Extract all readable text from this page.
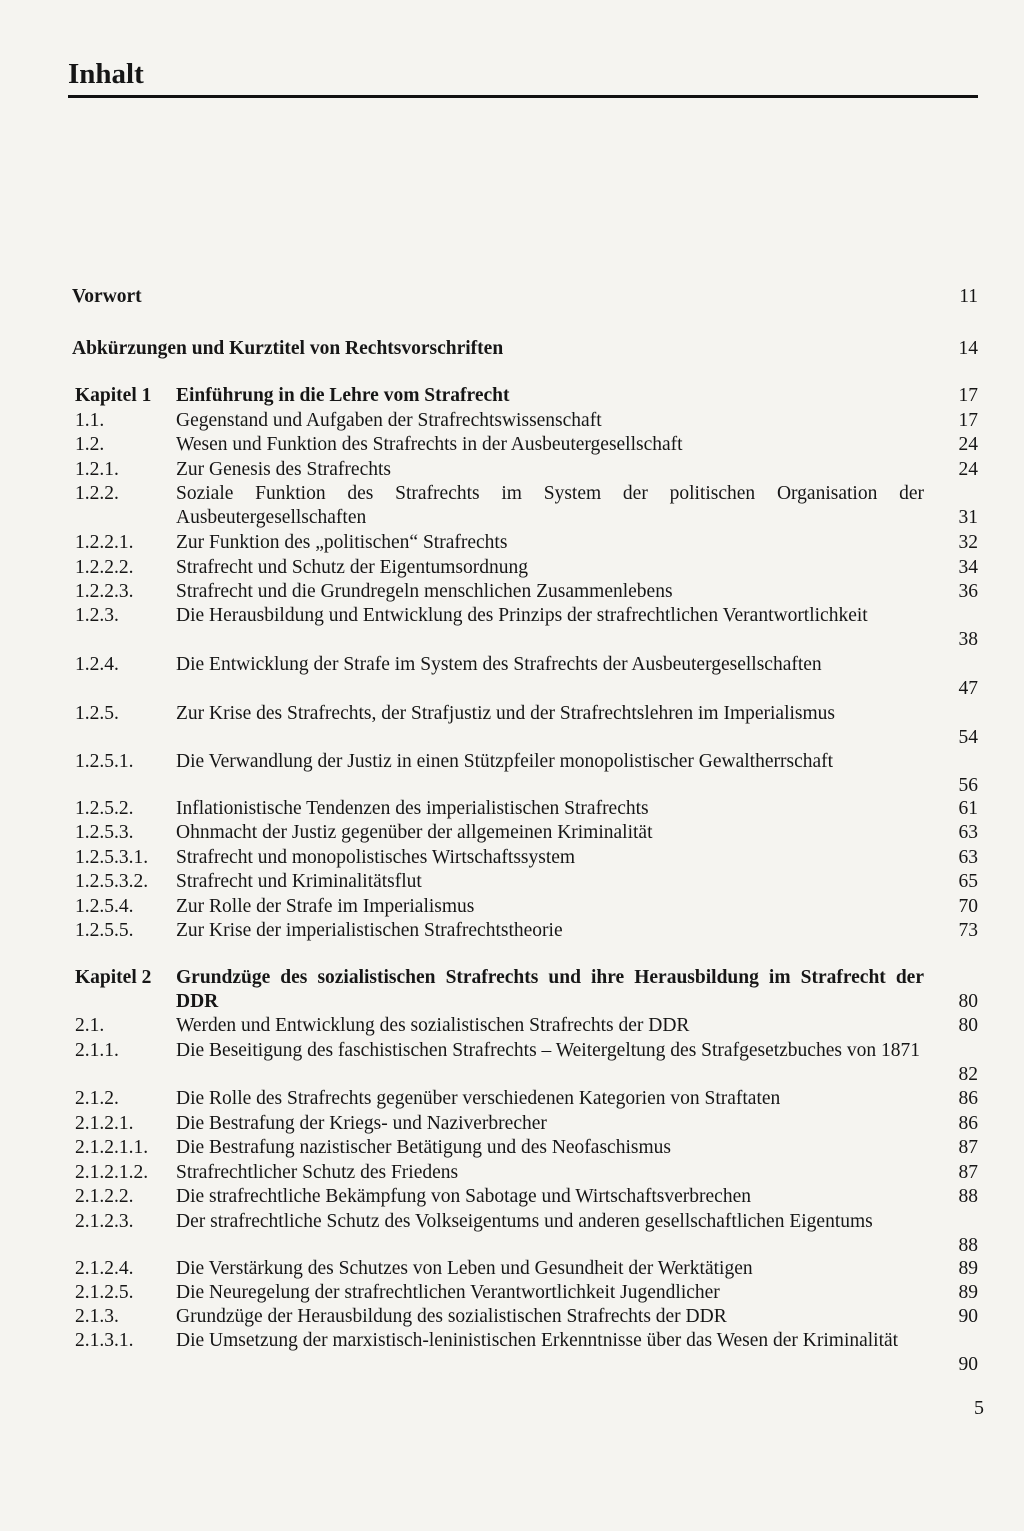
Inhalt
Vorwort	11
Abkürzungen und Kurztitel von Rechtsvorschriften	14
Kapitel 1 Einführung in die Lehre vom Strafrecht	17
1.1.	Gegenstand und Aufgaben der Strafrechtswissenschaft	17
1.2.	Wesen und Funktion des Strafrechts in der Ausbeutergesellschaft	24
1.2.1.	Zur Genesis des Strafrechts	24
1.2.2.	Soziale Funktion des Strafrechts im System der politischen Organisation der Ausbeutergesellschaften	31
1.2.2.1. Zur Funktion des „politischen“ Strafrechts	32
1.2.2.2. Strafrecht und Schutz der Eigentumsordnung	34
1.2.2.3. Strafrecht und die Grundregeln menschlichen Zusammenlebens	36
1.2.3.	Die Herausbildung und Entwicklung des Prinzips der strafrechtlichen Verantwortlichkeit
38
1.2.4.	Die Entwicklung der Strafe im System des Strafrechts der Ausbeutergesellschaften
47
1.2.5.	Zur Krise des Strafrechts, der Strafjustiz und der Strafrechtslehren im Imperialismus
54
1.2.5.1. Die Verwandlung der Justiz in einen Stützpfeiler monopolistischer Gewaltherrschaft
56
1.2.5.2. Inflationistische Tendenzen des imperialistischen Strafrechts	61
1.2.5.3. Ohnmacht der Justiz gegenüber der allgemeinen Kriminalität	63
1.2.5.3.1. Strafrecht und monopolistisches Wirtschaftssystem	63
1.2.5.3.2. Strafrecht und Kriminalitätsflut	65
1.2.5.4. Zur Rolle der Strafe im Imperialismus	70
1.2.5.5. Zur Krise der imperialistischen Strafrechtstheorie	73
Kapitel 2 Grundzüge des sozialistischen Strafrechts und ihre Herausbildung im Strafrecht der DDR	80
2.1.	Werden und Entwicklung des sozialistischen Strafrechts der DDR	80
2.1.1.	Die Beseitigung des faschistischen Strafrechts – Weitergeltung des Strafgesetzbuches von 1871
82
2.1.2.	Die Rolle des Strafrechts gegenüber verschiedenen Kategorien von Straftaten	86
2.1.2.1. Die Bestrafung der Kriegs- und Naziverbrecher	86
2.1.2.1.1. Die Bestrafung nazistischer Betätigung und des Neofaschismus	87
2.1.2.1.2. Strafrechtlicher Schutz des Friedens	87
2.1.2.2. Die strafrechtliche Bekämpfung von Sabotage und Wirtschaftsverbrechen	88
2.1.2.3. Der strafrechtliche Schutz des Volkseigentums und anderen gesellschaftlichen Eigentums
88
2.1.2.4. Die Verstärkung des Schutzes von Leben und Gesundheit der Werktätigen	89
2.1.2.5. Die Neuregelung der strafrechtlichen Verantwortlichkeit Jugendlicher	89
2.1.3.	Grundzüge der Herausbildung des sozialistischen Strafrechts der DDR	90
2.1.3.1. Die Umsetzung der marxistisch-leninistischen Erkenntnisse über das Wesen der Kriminalität
90
5
